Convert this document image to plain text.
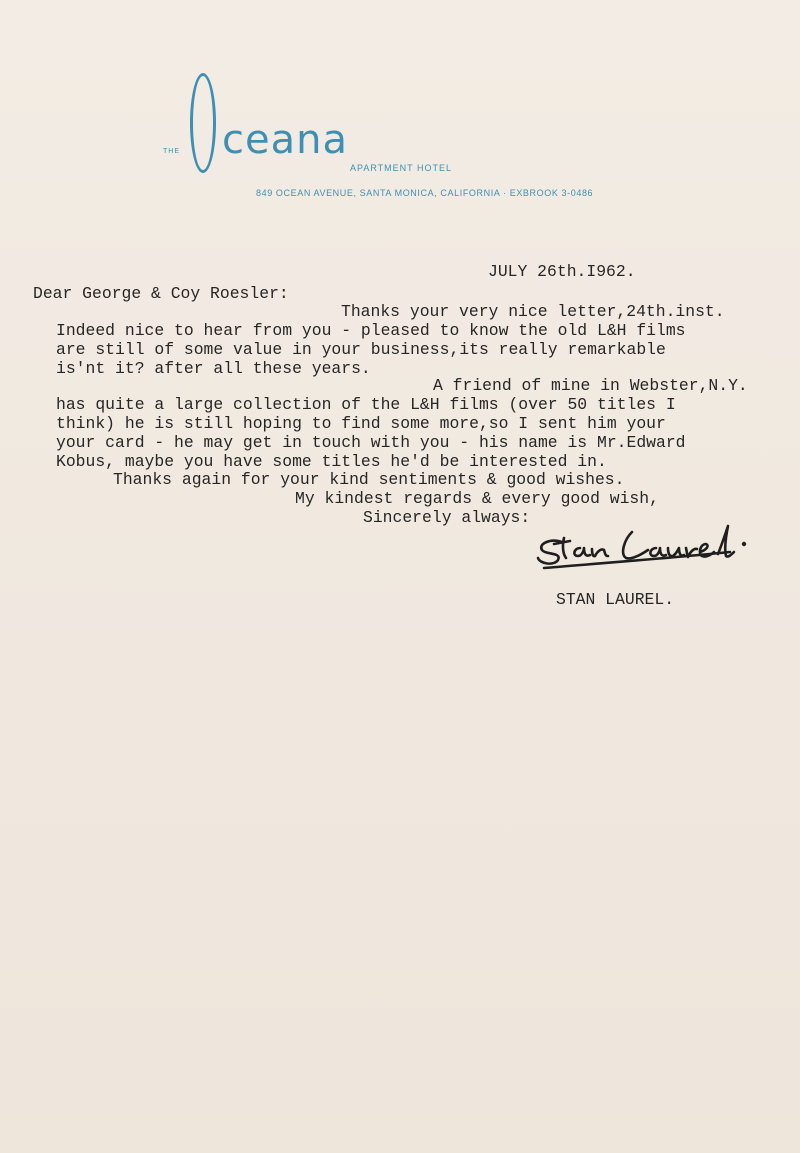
THE ceana
APARTMENT HOTEL
849 OCEAN AVENUE, SANTA MONICA, CALIFORNIA · EXBROOK 3-0486
JULY 26th.I962.
Dear George & Coy Roesler:
Thanks your very nice letter,24th.inst.
Indeed nice to hear from you - pleased to know the old L&H films
are still of some value in your business,its really remarkable
is'nt it? after all these years.
A friend of mine in Webster,N.Y.
has quite a large collection of the L&H films (over 50 titles I
think) he is still hoping to find some more,so I sent him your
your card - he may get in touch with you - his name is Mr.Edward
Kobus, maybe you have some titles he'd be interested in.
Thanks again for your kind sentiments & good wishes.
My kindest regards & every good wish,
Sincerely always:
STAN LAUREL.
